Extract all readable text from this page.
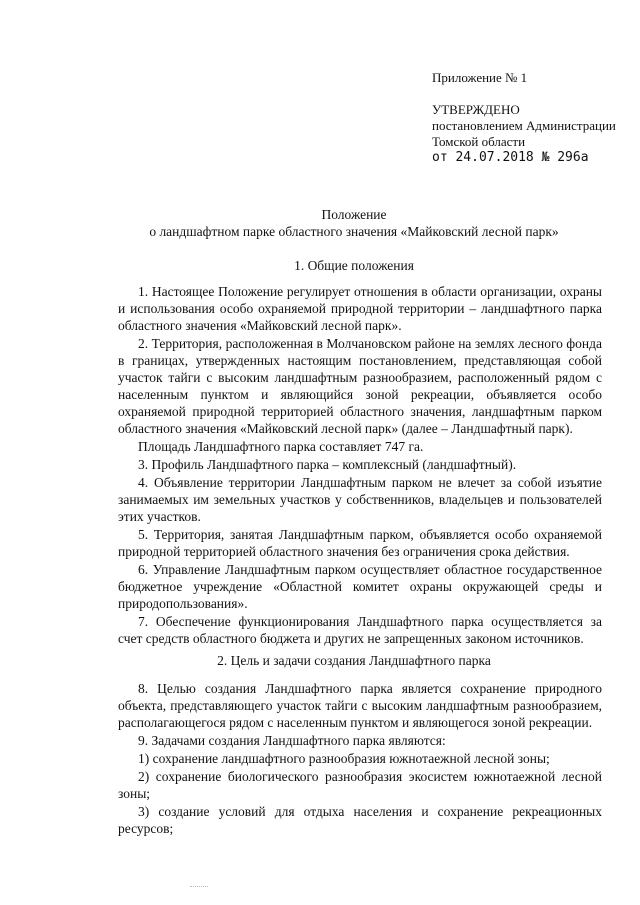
Приложение № 1
УТВЕРЖДЕНО
постановлением Администрации
Томской области
от 24.07.2018 № 296а
Положение
о ландшафтном парке областного значения «Майковский лесной парк»
1. Общие положения

1. Настоящее Положение регулирует отношения в области организации, охраны и использования особо охраняемой природной территории – ландшафтного парка областного значения «Майковский лесной парк».

2. Территория, расположенная в Молчановском районе на землях лесного фонда в границах, утвержденных настоящим постановлением, представляющая собой участок тайги с высоким ландшафтным разнообразием, расположенный рядом с населенным пунктом и являющийся зоной рекреации, объявляется особо охраняемой природной территорией областного значения, ландшафтным парком областного значения «Майковский лесной парк» (далее – Ландшафтный парк).

Площадь Ландшафтного парка составляет 747 га.

3. Профиль Ландшафтного парка – комплексный (ландшафтный).

4. Объявление территории Ландшафтным парком не влечет за собой изъятие занимаемых им земельных участков у собственников, владельцев и пользователей этих участков.

5. Территория, занятая Ландшафтным парком, объявляется особо охраняемой природной территорией областного значения без ограничения срока действия.

6. Управление Ландшафтным парком осуществляет областное государственное бюджетное учреждение «Областной комитет охраны окружающей среды и природопользования».

7. Обеспечение функционирования Ландшафтного парка осуществляется за счет средств областного бюджета и других не запрещенных законом источников.

2. Цель и задачи создания Ландшафтного парка

8. Целью создания Ландшафтного парка является сохранение природного объекта, представляющего участок тайги с высоким ландшафтным разнообразием, располагающегося рядом с населенным пунктом и являющегося зоной рекреации.

9. Задачами создания Ландшафтного парка являются:

1) сохранение ландшафтного разнообразия южнотаежной лесной зоны;

2) сохранение биологического разнообразия экосистем южнотаежной лесной зоны;

3) создание условий для отдыха населения и сохранение рекреационных ресурсов;
